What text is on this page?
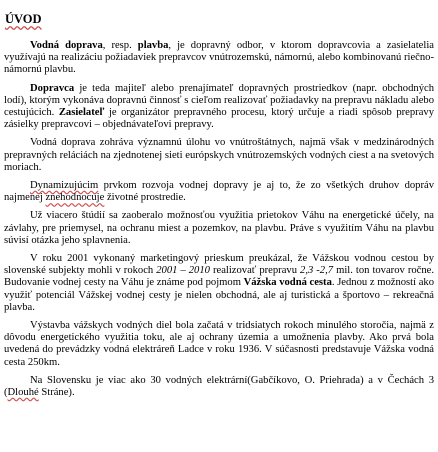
ÚVOD

Vodná doprava, resp. plavba, je dopravný odbor, v ktorom dopravcovia a zasielatelia využívajú na realizáciu požiadaviek prepravcov vnútrozemskú, námornú, alebo kombinovanú riečno-námornú plavbu.

Dopravca je teda majiteľ alebo prenajímateľ dopravných prostriedkov (napr. obchodných lodí), ktorým vykonáva dopravnú činnosť s cieľom realizovať požiadavky na prepravu nákladu alebo cestujúcich. Zasielateľ je organizátor prepravného procesu, ktorý určuje a riadi spôsob prepravy zásielky prepravcovi – objednávateľovi prepravy.

Vodná doprava zohráva významnú úlohu vo vnútroštátnych, najmä však v medzinárodných prepravných reláciách na zjednotenej sieti európskych vnútrozemských vodných ciest a na svetových moriach.

Dynamizujúcim prvkom rozvoja vodnej dopravy je aj to, že zo všetkých druhov dopráv najmenej znehodnocuje životné prostredie.

Už viacero štúdií sa zaoberalo možnosťou využitia prietokov Váhu na energetické účely, na závlahy, pre priemysel, na ochranu miest a pozemkov, na plavbu. Práve s využitím Váhu na plavbu súvisí otázka jeho splavnenia.

V roku 2001 vykonaný marketingový prieskum preukázal, že Vážskou vodnou cestou by slovenské subjekty mohli v rokoch 2001 – 2010 realizovať prepravu 2,3 -2,7 mil. ton tovarov ročne. Budovanie vodnej cesty na Váhu je známe pod pojmom Vážska vodná cesta. Jednou z možností ako využiť potenciál Vážskej vodnej cesty je nielen obchodná, ale aj turistická a športovo – rekreačná plavba.

Výstavba vážskych vodných diel bola začatá v tridsiatych rokoch minulého storočia, najmä z dôvodu energetického využitia toku, ale aj ochrany územia a umožnenia plavby. Ako prvá bola uvedená do prevádzky vodná elektráreň Ladce v roku 1936. V súčasnosti predstavuje Vážska vodná cesta 250km.

Na Slovensku je viac ako 30 vodných elektrární(Gabčíkovo, O. Priehrada) a v Čechách 3 (Dlouhé Stráne).
